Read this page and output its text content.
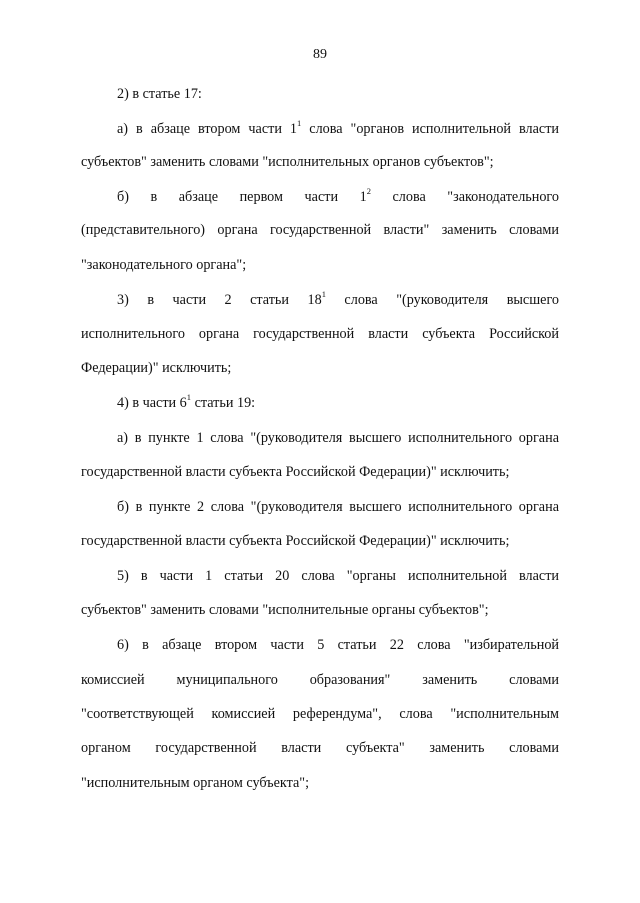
89
2) в статье 17:
а) в абзаце втором части $1^1$ слова "органов исполнительной власти
субъектов" заменить словами "исполнительных органов субъектов";
б) в абзаце первом части $1^2$ слова "законодательного
(представительного) органа государственной власти" заменить словами
"законодательного органа";
3) в части 2 статьи $18^1$ слова "(руководителя высшего
исполнительного органа государственной власти субъекта Российской
Федерации)" исключить;
4) в части $6^1$ статьи 19:
а) в пункте 1 слова "(руководителя высшего исполнительного органа
государственной власти субъекта Российской Федерации)" исключить;
б) в пункте 2 слова "(руководителя высшего исполнительного органа
государственной власти субъекта Российской Федерации)" исключить;
5) в части 1 статьи 20 слова "органы исполнительной власти
субъектов" заменить словами "исполнительные органы субъектов";
6) в абзаце втором части 5 статьи 22 слова "избирательной
комиссией муниципального образования" заменить словами
"соответствующей комиссией референдума", слова "исполнительным
органом государственной власти субъекта" заменить словами
"исполнительным органом субъекта";
